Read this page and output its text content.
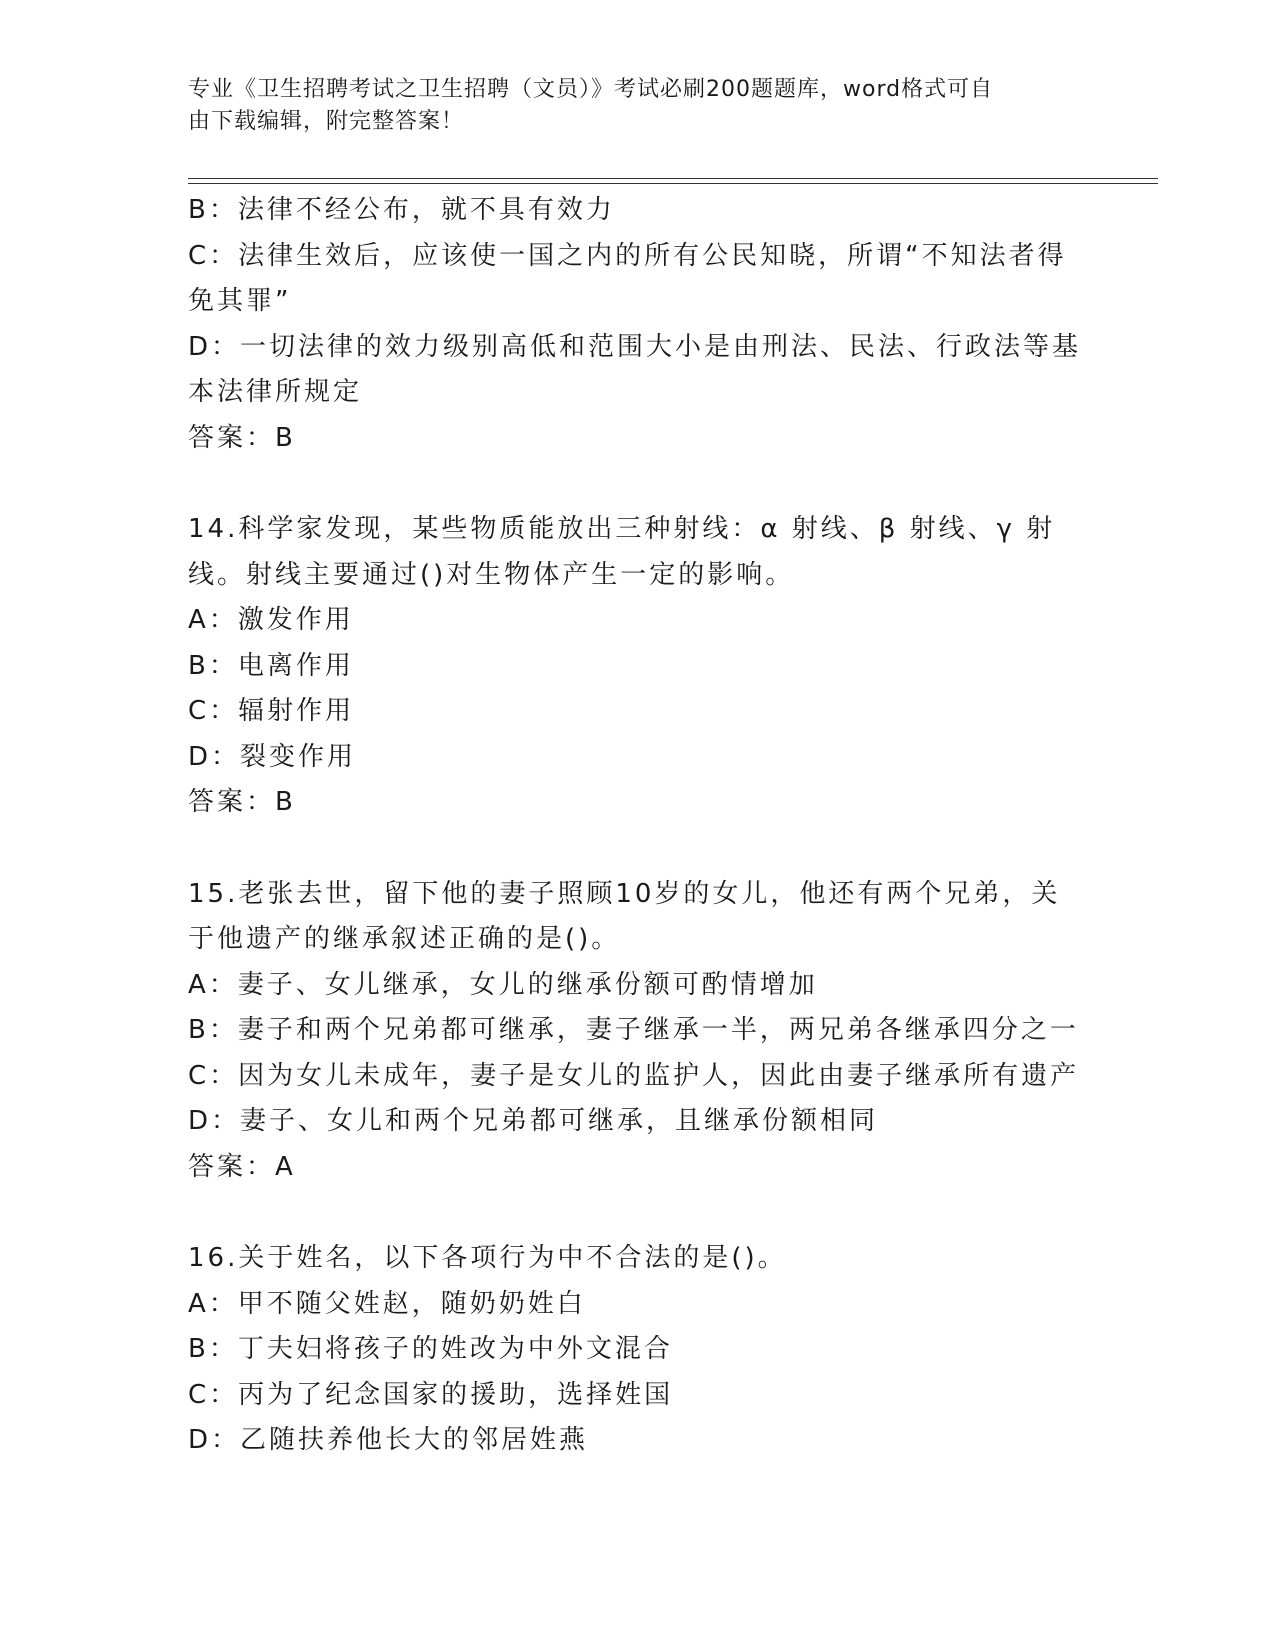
专业《卫生招聘考试之卫生招聘（文员）》考试必刷200题题库，word格式可自
由下载编辑，附完整答案！
B：法律不经公布，就不具有效力
C：法律生效后，应该使一国之内的所有公民知晓，所谓“不知法者得
免其罪”
D：一切法律的效力级别高低和范围大小是由刑法、民法、行政法等基
本法律所规定
答案：B
14.科学家发现，某些物质能放出三种射线：α 射线、β 射线、γ 射
线。射线主要通过()对生物体产生一定的影响。
A：激发作用
B：电离作用
C：辐射作用
D：裂变作用
答案：B
15.老张去世，留下他的妻子照顾10岁的女儿，他还有两个兄弟，关
于他遗产的继承叙述正确的是()。
A：妻子、女儿继承，女儿的继承份额可酌情增加
B：妻子和两个兄弟都可继承，妻子继承一半，两兄弟各继承四分之一
C：因为女儿未成年，妻子是女儿的监护人，因此由妻子继承所有遗产
D：妻子、女儿和两个兄弟都可继承，且继承份额相同
答案：A
16.关于姓名，以下各项行为中不合法的是()。
A：甲不随父姓赵，随奶奶姓白
B：丁夫妇将孩子的姓改为中外文混合
C：丙为了纪念国家的援助，选择姓国
D：乙随扶养他长大的邻居姓燕
